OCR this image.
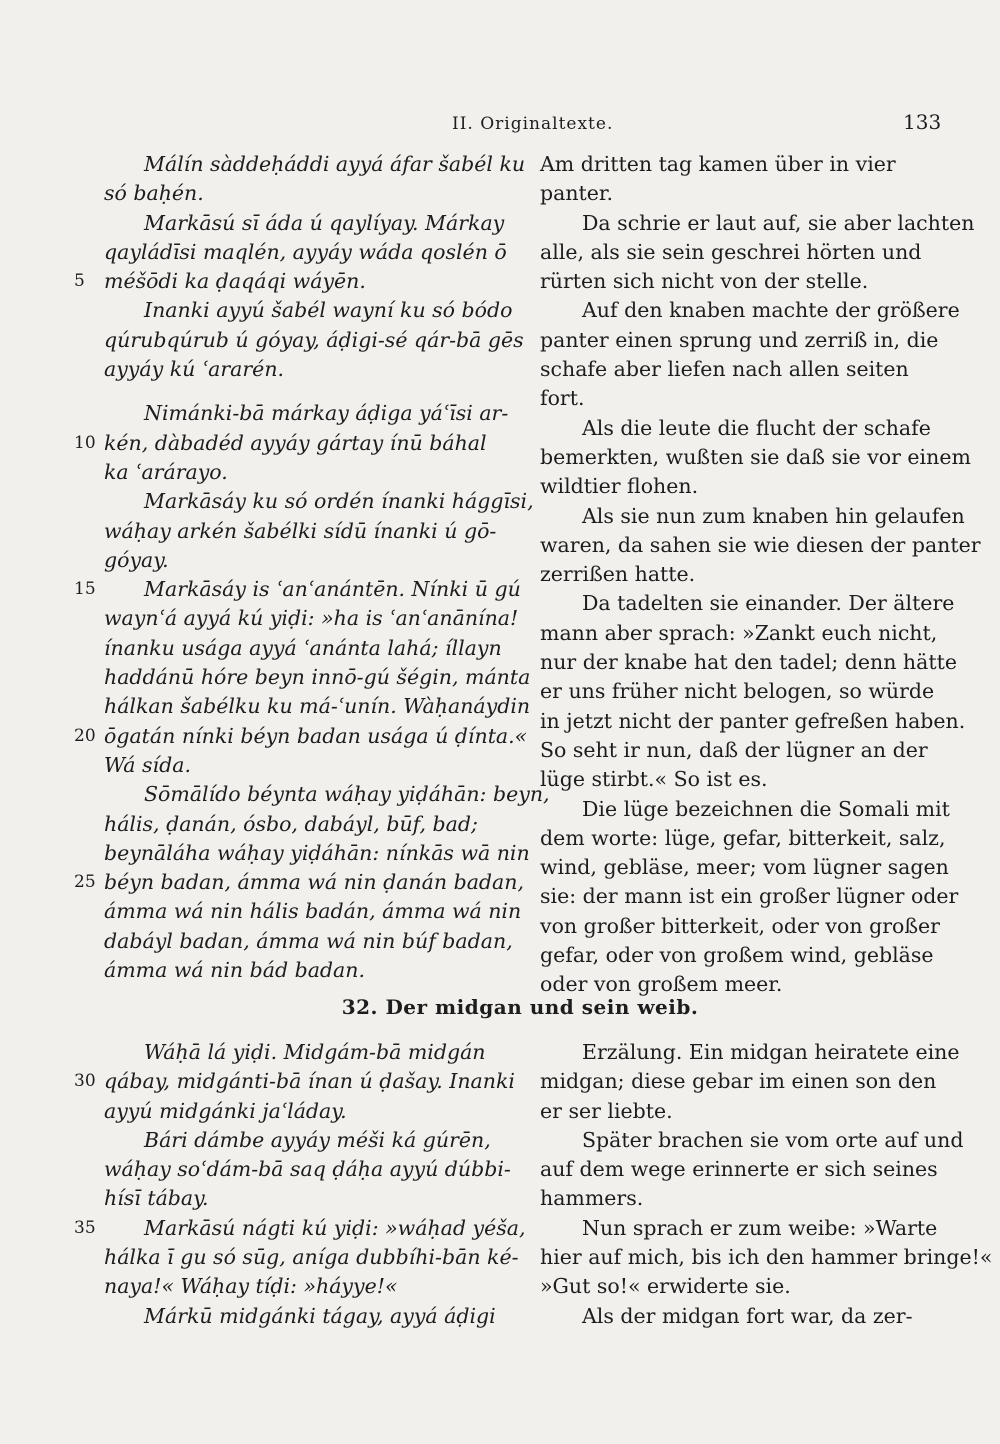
II. Originaltexte.	133
Málín sàddeḥáddi ayyá áfar šabél ku
só baḥén.
Markāsú sī áda ú qaylíyay. Márkay
qayládīsi maqlén, ayyáy wáda qoslén ō
5 méšōdi ka ḍaqáqi wáyēn.
Inanki ayyú šabél wayní ku só bódo
qúrubqúrub ú góyay, áḍigi-sé qár-bā gēs
ayyáy kú ʿararén.
Nimánki-bā márkay áḍiga yáʿīsi ar-
10 kén, dàbadéd ayyáy gártay ínū báhal
ka ʿarárayo.
Markāsáy ku só ordén ínanki hággīsi,
wáḥay arkén šabélki sídū ínanki ú gō-
góyay.
15 Markāsáy is ʿanʿanántēn. Nínki ū gú
waynʿá ayyá kú yiḍi: »ha is ʿanʿanānína!
ínanku usága ayyá ʿanánta lahá; íllayn
haddánū hóre beyn innō-gú šégin, mánta
hálkan šabélku ku má-ʿunín. Wàḥanáydin
20 ōgatán nínki béyn badan usága ú ḍínta.«
Wá sída.
Sōmālído béynta wáḥay yiḍáhān: beyn,
hális, ḍanán, ósbo, dabáyl, būf, bad;
beynāláha wáḥay yiḍáhān: nínkās wā nin
25 béyn badan, ámma wá nin ḍanán badan,
ámma wá nin hális badán, ámma wá nin
dabáyl badan, ámma wá nin búf badan,
ámma wá nin bád badan.
Am dritten tag kamen über in vier
panter.
Da schrie er laut auf, sie aber lachten
alle, als sie sein geschrei hörten und
rürten sich nicht von der stelle.
Auf den knaben machte der größere
panter einen sprung und zerriß in, die
schafe aber liefen nach allen seiten
fort.
Als die leute die flucht der schafe
bemerkten, wußten sie daß sie vor einem
wildtier flohen.
Als sie nun zum knaben hin gelaufen
waren, da sahen sie wie diesen der panter
zerrißen hatte.
Da tadelten sie einander. Der ältere
mann aber sprach: »Zankt euch nicht,
nur der knabe hat den tadel; denn hätte
er uns früher nicht belogen, so würde
in jetzt nicht der panter gefreßen haben.
So seht ir nun, daß der lügner an der
lüge stirbt.« So ist es.
Die lüge bezeichnen die Somali mit
dem worte: lüge, gefar, bitterkeit, salz,
wind, gebläse, meer; vom lügner sagen
sie: der mann ist ein großer lügner oder
von großer bitterkeit, oder von großer
gefar, oder von großem wind, gebläse
oder von großem meer.
32. Der midgan und sein weib.
Wáḥā lá yiḍi. Midgám-bā midgán
30 qábay, midgánti-bā ínan ú ḍašay. Inanki
ayyú midgánki jaʿláday.
Bári dámbe ayyáy méši ká gúrēn,
wáḥay soʿdám-bā saq ḍáḥa ayyú dúbbi-
hísī tábay.
35 Markāsú nágti kú yiḍi: »wáḥad yéša,
hálka ī gu só sūg, aníga dubbíhi-bān ké-
naya!« Wáḥay tíḍi: »háyye!«
Márkū midgánki tágay, ayyá áḍigi
Erzälung. Ein midgan heiratete eine
midgan; diese gebar im einen son den
er ser liebte.
Später brachen sie vom orte auf und
auf dem wege erinnerte er sich seines
hammers.
Nun sprach er zum weibe: »Warte
hier auf mich, bis ich den hammer bringe!«
»Gut so!« erwiderte sie.
Als der midgan fort war, da zer-
